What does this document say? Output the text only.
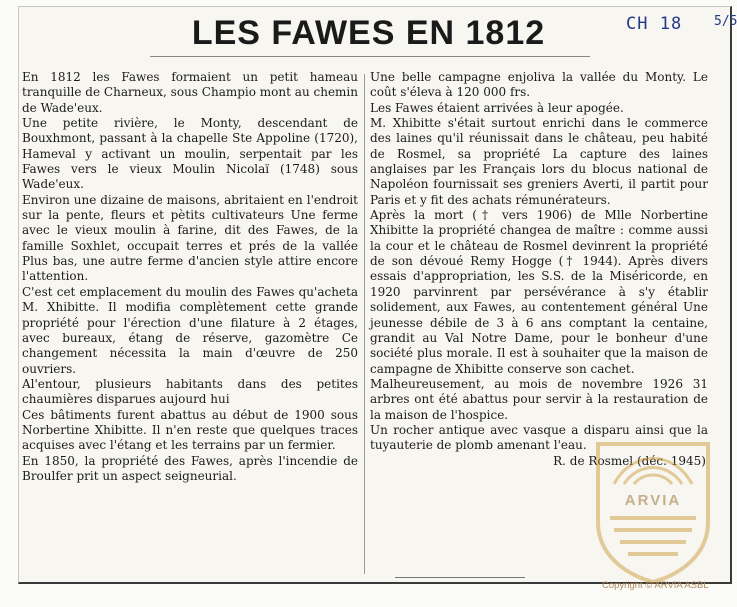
LES FAWES EN 1812	CH 18 5/5

En 1812 les Fawes formaient un petit hameau tranquille de Charneux, sous Champio mont au chemin de Wade'eux.

Une petite rivière, le Monty, descendant de Bouxhmont, passant à la chapelle Ste Appoline (1720), Hameval y activant un moulin, serpentait par les Fawes vers le vieux Moulin Nicolaï (1748) sous Wade'eux.

Environ une dizaine de maisons, abritaient en l'endroit sur la pente, fleurs et pètits cultivateurs Une ferme avec le vieux moulin à farine, dit des Fawes, de la famille Soxhlet, occupait terres et prés de la vallée Plus bas, une autre ferme d'ancien style attire encore l'attention.

C'est cet emplacement du moulin des Fawes qu'acheta M. Xhibitte. Il modifia complètement cette grande propriété pour l'érection d'une filature à 2 étages, avec bureaux, étang de réserve, gazomètre Ce changement nécessita la main d'œuvre de 250 ouvriers.

Al'entour, plusieurs habitants dans des petites chaumières disparues aujourd hui

Ces bâtiments furent abattus au début de 1900 sous Norbertine Xhibitte. Il n'en reste que quelques traces acquises avec l'étang et les terrains par un fermier.

En 1850, la propriété des Fawes, après l'incendie de Broulfer prit un aspect seigneurial.

Une belle campagne enjoliva la vallée du Monty. Le coût s'éleva à 120 000 frs.

Les Fawes étaient arrivées à leur apogée.

M. Xhibitte s'était surtout enrichi dans le commerce des laines qu'il réunissait dans le château, peu habité de Rosmel, sa propriété La capture des laines anglaises par les Français lors du blocus national de Napoléon fournissait ses greniers Averti, il partit pour Paris et y fit des achats rémunérateurs.

Après la mort († vers 1906) de Mlle Norbertine Xhibitte la propriété changea de maître : comme aussi la cour et le château de Rosmel devinrent la propriété de son dévoué Remy Hogge († 1944). Après divers essais d'appropriation, les S.S. de la Miséricorde, en 1920 parvinrent par persévérance à s'y établir solidement, aux Fawes, au contentement général Une jeunesse débile de 3 à 6 ans comptant la centaine, grandit au Val Notre Dame, pour le bonheur d'une société plus morale. Il est à souhaiter que la maison de campagne de Xhibitte conserve son cachet.

Malheureusement, au mois de novembre 1926 31 arbres ont été abattus pour servir à la restauration de la maison de l'hospice.

Un rocher antique avec vasque a disparu ainsi que la tuyauterie de plomb amenant l'eau.

R. de Rosmel (déc. 1945)

ARVIA
Copyright © ARVIA ASBL
